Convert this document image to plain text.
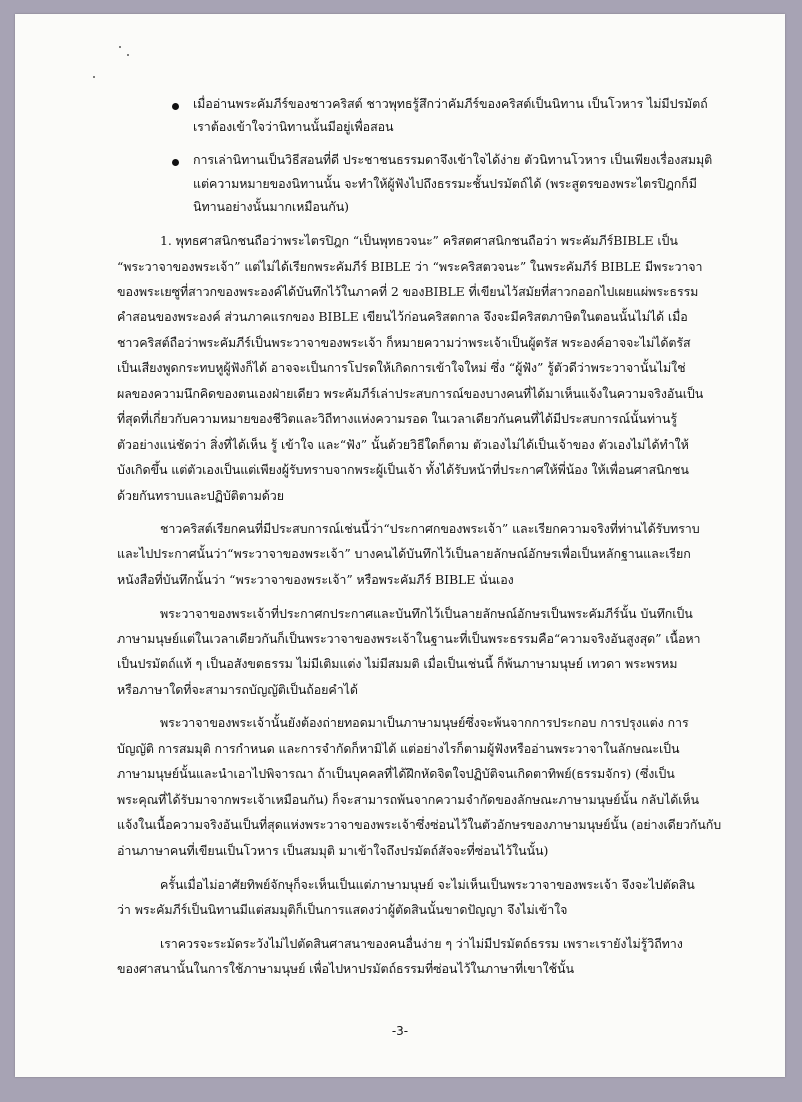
เมื่ออ่านพระคัมภีร์ของชาวคริสต์ ชาวพุทธรู้สึกว่าคัมภีร์ของคริสต์เป็นนิทาน เป็นโวหาร ไม่มีปรมัตถ์
เราต้องเข้าใจว่านิทานนั้นมีอยู่เพื่อสอน
การเล่านิทานเป็นวิธีสอนที่ดี ประชาชนธรรมดาจึงเข้าใจได้ง่าย ตัวนิทานโวหาร เป็นเพียงเรื่องสมมุติ
แต่ความหมายของนิทานนั้น จะทำให้ผู้ฟังไปถึงธรรมะชั้นปรมัตถ์ได้ (พระสูตรของพระไตรปิฎกก็มี
นิทานอย่างนั้นมากเหมือนกัน)
1. พุทธศาสนิกชนถือว่าพระไตรปิฎก “เป็นพุทธวจนะ” คริสตศาสนิกชนถือว่า พระคัมภีร์BIBLE เป็น
“พระวาจาของพระเจ้า” แต่ไม่ได้เรียกพระคัมภีร์ BIBLE ว่า “พระคริสตวจนะ” ในพระคัมภีร์ BIBLE มีพระวาจา
ของพระเยซูที่สาวกของพระองค์ได้บันทึกไว้ในภาคที่ 2 ของBIBLE ที่เขียนไว้สมัยที่สาวกออกไปเผยแผ่พระธรรม
คำสอนของพระองค์ ส่วนภาคแรกของ BIBLE เขียนไว้ก่อนคริสตกาล จึงจะมีคริสตภาษิตในตอนนั้นไม่ได้ เมื่อ
ชาวคริสต์ถือว่าพระคัมภีร์เป็นพระวาจาของพระเจ้า ก็หมายความว่าพระเจ้าเป็นผู้ตรัส พระองค์อาจจะไม่ได้ตรัส
เป็นเสียงพูดกระทบหูผู้ฟังก็ได้ อาจจะเป็นการโปรดให้เกิดการเข้าใจใหม่ ซึ่ง “ผู้ฟัง” รู้ตัวดีว่าพระวาจานั้นไม่ใช่
ผลของความนึกคิดของตนเองฝ่ายเดียว พระคัมภีร์เล่าประสบการณ์ของบางคนที่ได้มาเห็นแจ้งในความจริงอันเป็น
ที่สุดที่เกี่ยวกับความหมายของชีวิตและวิถีทางแห่งความรอด ในเวลาเดียวกันคนที่ได้มีประสบการณ์นั้นท่านรู้
ตัวอย่างแน่ชัดว่า สิ่งที่ได้เห็น รู้ เข้าใจ และ“ฟัง” นั้นด้วยวิธีใดก็ตาม ตัวเองไม่ได้เป็นเจ้าของ ตัวเองไม่ได้ทำให้
บังเกิดขึ้น แต่ตัวเองเป็นแต่เพียงผู้รับทราบจากพระผู้เป็นเจ้า ทั้งได้รับหน้าที่ประกาศให้พี่น้อง ให้เพื่อนศาสนิกชน
ด้วยกันทราบและปฏิบัติตามด้วย
ชาวคริสต์เรียกคนที่มีประสบการณ์เช่นนี้ว่า“ประกาศกของพระเจ้า” และเรียกความจริงที่ท่านได้รับทราบ
และไปประกาศนั้นว่า“พระวาจาของพระเจ้า” บางคนได้บันทึกไว้เป็นลายลักษณ์อักษรเพื่อเป็นหลักฐานและเรียก
หนังสือที่บันทึกนั้นว่า “พระวาจาของพระเจ้า” หรือพระคัมภีร์ BIBLE นั่นเอง
พระวาจาของพระเจ้าที่ประกาศกประกาศและบันทึกไว้เป็นลายลักษณ์อักษรเป็นพระคัมภีร์นั้น บันทึกเป็น
ภาษามนุษย์แต่ในเวลาเดียวกันก็เป็นพระวาจาของพระเจ้าในฐานะที่เป็นพระธรรมคือ“ความจริงอันสูงสุด” เนื้อหา
เป็นปรมัตถ์แท้ ๆ เป็นอสังขตธรรม ไม่มีเติมแต่ง ไม่มีสมมติ เมื่อเป็นเช่นนี้ ก็พ้นภาษามนุษย์ เทวดา พระพรหม
หรือภาษาใดที่จะสามารถบัญญัติเป็นถ้อยคำได้
พระวาจาของพระเจ้านั้นยังต้องถ่ายทอดมาเป็นภาษามนุษย์ซึ่งจะพ้นจากการประกอบ การปรุงแต่ง การ
บัญญัติ การสมมุติ การกำหนด และการจำกัดก็หามิได้ แต่อย่างไรก็ตามผู้ฟังหรืออ่านพระวาจาในลักษณะเป็น
ภาษามนุษย์นั้นและนำเอาไปพิจารณา ถ้าเป็นบุคคลที่ได้ฝึกหัดจิตใจปฏิบัติจนเกิดตาทิพย์(ธรรมจักร) (ซึ่งเป็น
พระคุณที่ได้รับมาจากพระเจ้าเหมือนกัน) ก็จะสามารถพ้นจากความจำกัดของลักษณะภาษามนุษย์นั้น กลับได้เห็น
แจ้งในเนื้อความจริงอันเป็นที่สุดแห่งพระวาจาของพระเจ้าซึ่งซ่อนไว้ในตัวอักษรของภาษามนุษย์นั้น (อย่างเดียวกันกับ
อ่านภาษาคนที่เขียนเป็นโวหาร เป็นสมมุติ มาเข้าใจถึงปรมัตถ์สัจจะที่ซ่อนไว้ในนั้น)
ครั้นเมื่อไม่อาศัยทิพย์จักษุก็จะเห็นเป็นแต่ภาษามนุษย์ จะไม่เห็นเป็นพระวาจาของพระเจ้า จึงจะไปตัดสิน
ว่า พระคัมภีร์เป็นนิทานมีแต่สมมุติก็เป็นการแสดงว่าผู้ตัดสินนั้นขาดปัญญา จึงไม่เข้าใจ
เราควรจะระมัดระวังไม่ไปตัดสินศาสนาของคนอื่นง่าย ๆ ว่าไม่มีปรมัตถ์ธรรม เพราะเรายังไม่รู้วิถีทาง
ของศาสนานั้นในการใช้ภาษามนุษย์ เพื่อไปหาปรมัตถ์ธรรมที่ซ่อนไว้ในภาษาที่เขาใช้นั้น
-3-
